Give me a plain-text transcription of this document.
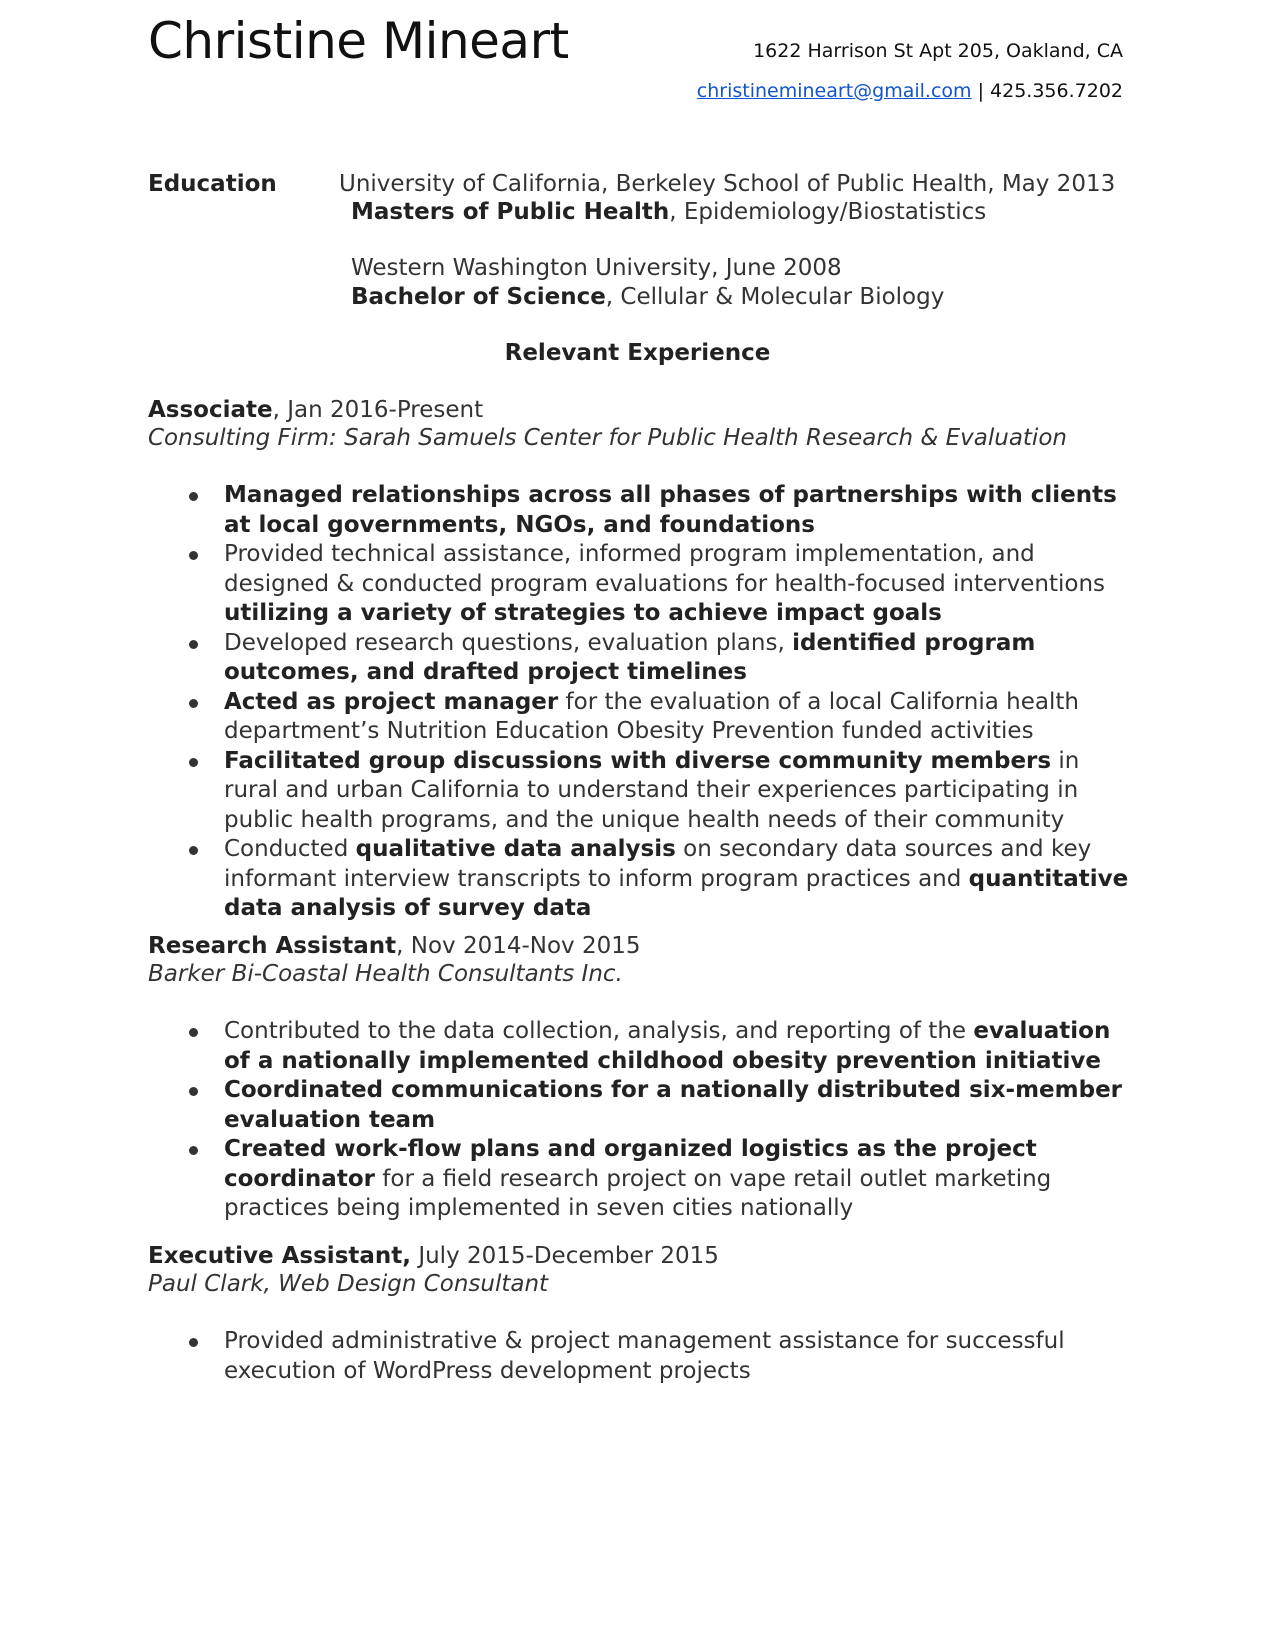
Christine Mineart	1622 Harrison St Apt 205, Oakland, CA
christinemineart@gmail.com | 425.356.7202
Education	University of California, Berkeley School of Public Health, May 2013
Masters of Public Health, Epidemiology/Biostatistics
Western Washington University, June 2008
Bachelor of Science, Cellular & Molecular Biology
Relevant Experience
Associate, Jan 2016-Present
Consulting Firm: Sarah Samuels Center for Public Health Research & Evaluation
Managed relationships across all phases of partnerships with clients at local governments, NGOs, and foundations
Provided technical assistance, informed program implementation, and designed & conducted program evaluations for health-focused interventions utilizing a variety of strategies to achieve impact goals
Developed research questions, evaluation plans, identified program outcomes, and drafted project timelines
Acted as project manager for the evaluation of a local California health department’s Nutrition Education Obesity Prevention funded activities
Facilitated group discussions with diverse community members in rural and urban California to understand their experiences participating in public health programs, and the unique health needs of their community
Conducted qualitative data analysis on secondary data sources and key informant interview transcripts to inform program practices and quantitative data analysis of survey data
Research Assistant, Nov 2014-Nov 2015
Barker Bi-Coastal Health Consultants Inc.
Contributed to the data collection, analysis, and reporting of the evaluation of a nationally implemented childhood obesity prevention initiative
Coordinated communications for a nationally distributed six-member evaluation team
Created work-flow plans and organized logistics as the project coordinator for a field research project on vape retail outlet marketing practices being implemented in seven cities nationally
Executive Assistant, July 2015-December 2015
Paul Clark, Web Design Consultant
Provided administrative & project management assistance for successful execution of WordPress development projects
